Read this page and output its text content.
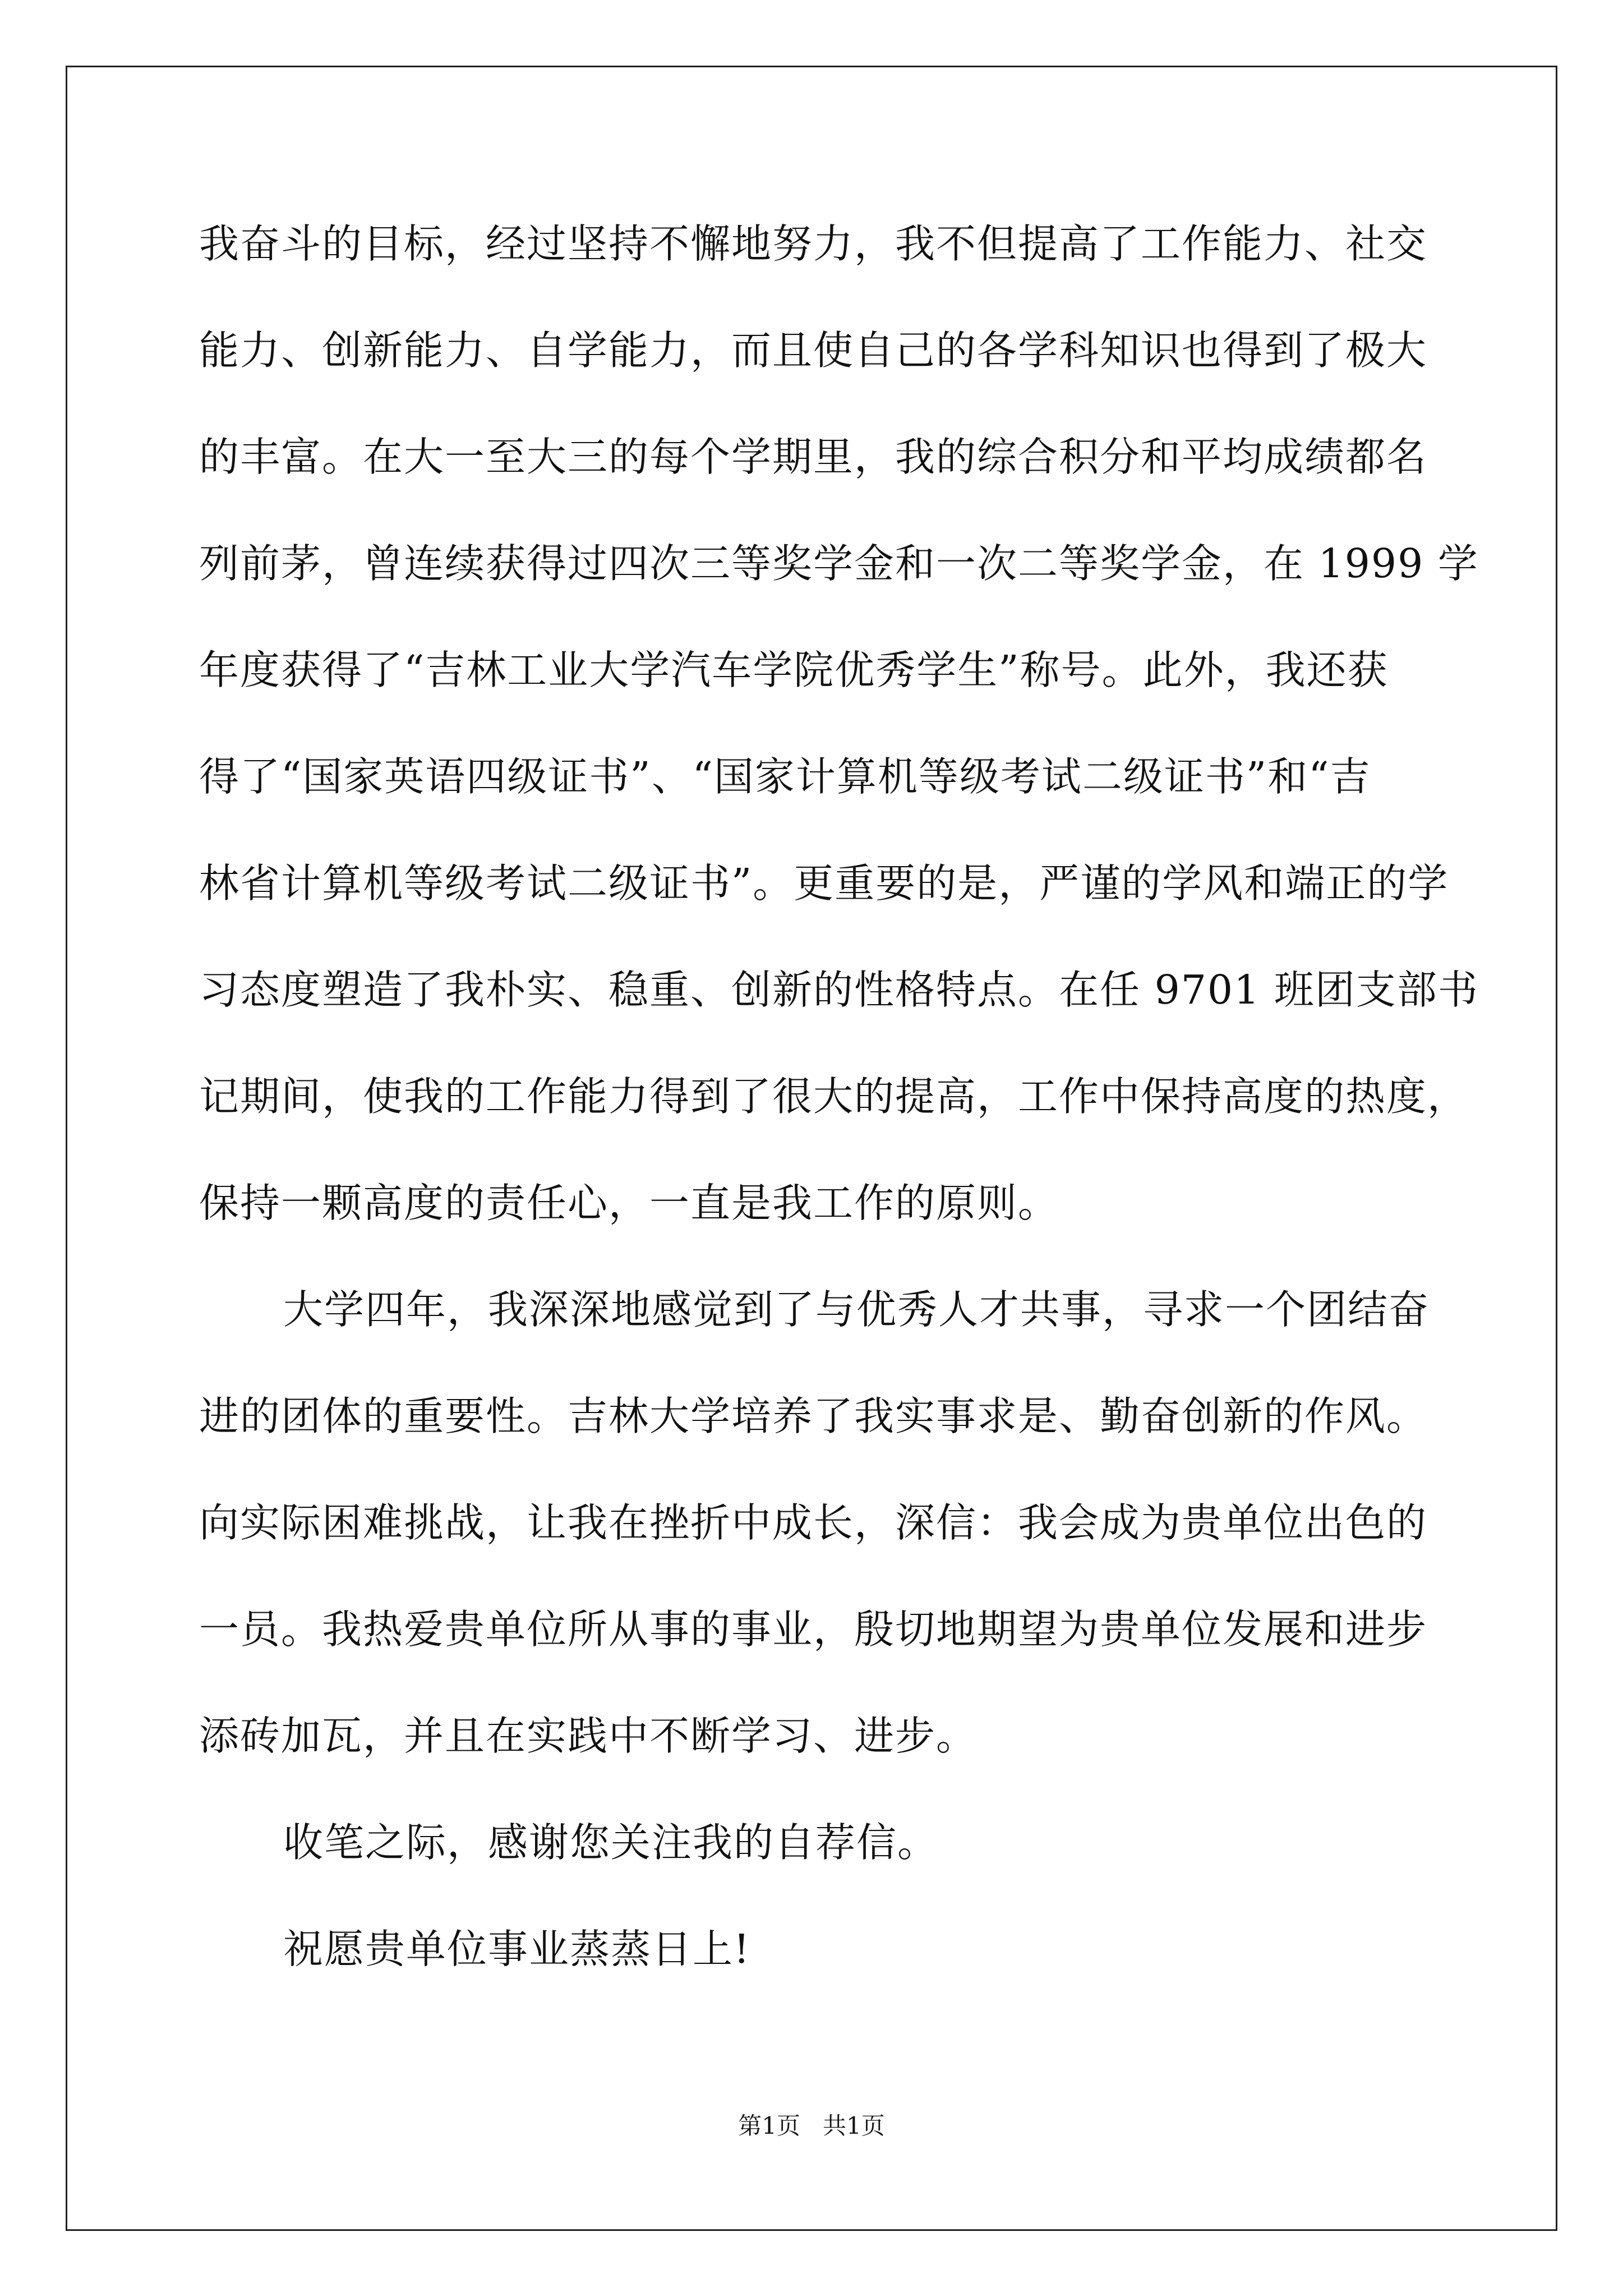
我奋斗的目标，经过坚持不懈地努力，我不但提高了工作能力、社交
能力、创新能力、自学能力，而且使自己的各学科知识也得到了极大
的丰富。在大一至大三的每个学期里，我的综合积分和平均成绩都名
列前茅，曾连续获得过四次三等奖学金和一次二等奖学金，在 1999 学
年度获得了“吉林工业大学汽车学院优秀学生”称号。此外，我还获
得了“国家英语四级证书”、“国家计算机等级考试二级证书”和“吉
林省计算机等级考试二级证书”。更重要的是，严谨的学风和端正的学
习态度塑造了我朴实、稳重、创新的性格特点。在任 9701 班团支部书
记期间，使我的工作能力得到了很大的提高，工作中保持高度的热度，
保持一颗高度的责任心，一直是我工作的原则。
大学四年，我深深地感觉到了与优秀人才共事，寻求一个团结奋
进的团体的重要性。吉林大学培养了我实事求是、勤奋创新的作风。
向实际困难挑战，让我在挫折中成长，深信：我会成为贵单位出色的
一员。我热爱贵单位所从事的事业，殷切地期望为贵单位发展和进步
添砖加瓦，并且在实践中不断学习、进步。
收笔之际，感谢您关注我的自荐信。
祝愿贵单位事业蒸蒸日上!
第1页   共1页
